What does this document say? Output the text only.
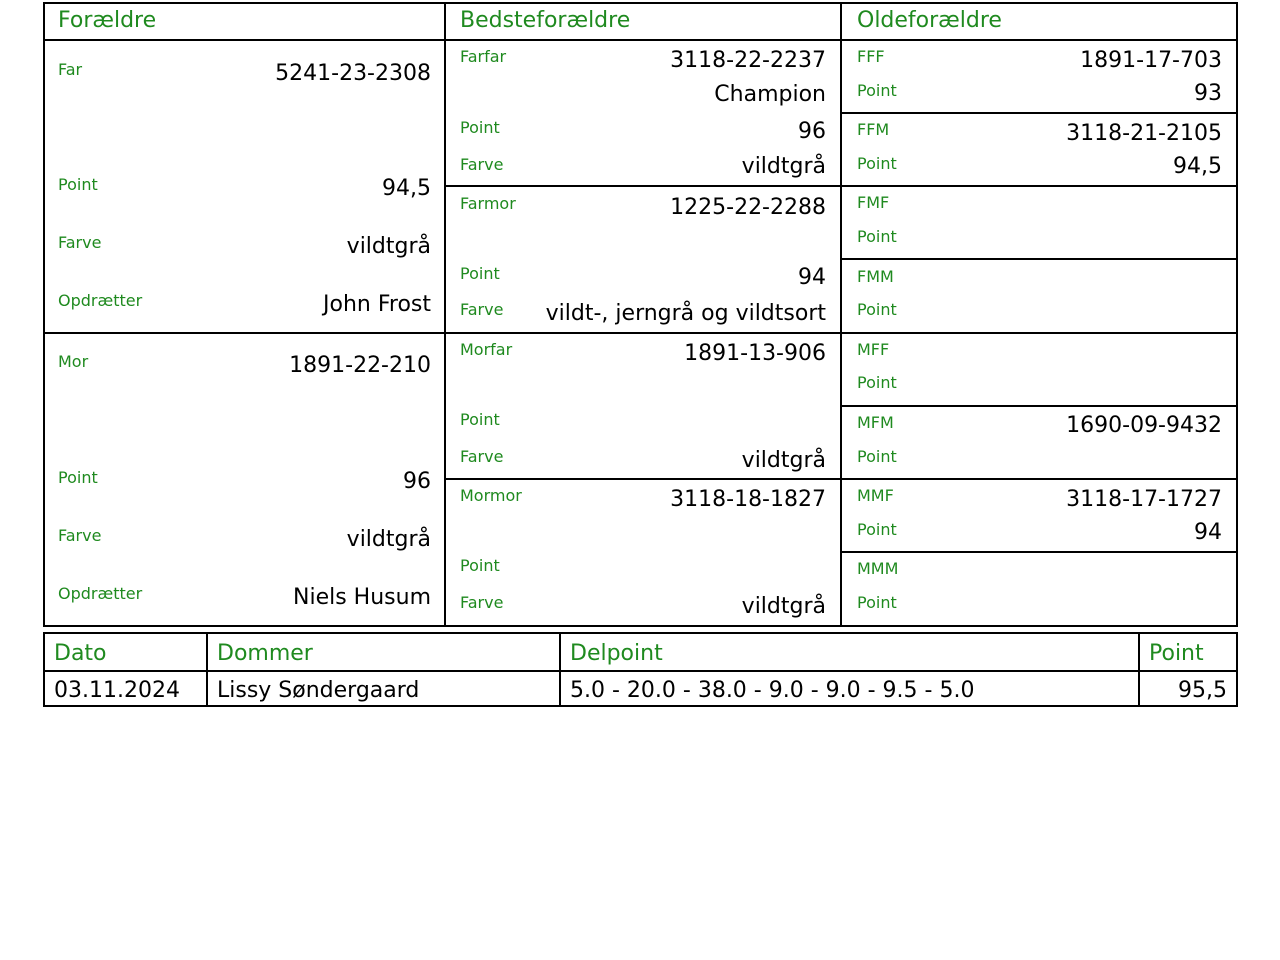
Forældre	Bedsteforældre	Oldeforældre
Far	5241-23-2308
Point	94,5
Farve	vildtgrå
Opdrætter	John Frost
Mor	1891-22-210
Point	96
Farve	vildtgrå
Opdrætter	Niels Husum
Farfar	3118-22-2237
Champion
Point	96
Farve	vildtgrå
Farmor	1225-22-2288
Point	94
Farve vildt-, jerngrå og vildtsort
Morfar	1891-13-906
Point
Farve	vildtgrå
Mormor	3118-18-1827
Point
Farve	vildtgrå
FFF	1891-17-703
Point	93
FFM	3118-21-2105
Point	94,5
FMF
Point
FMM
Point
MFF
Point
MFM	1690-09-9432
Point
MMF	3118-17-1727
Point	94
MMM
Point
Dato	Dommer	Delpoint	Point
03.11.2024 Lissy Søndergaard	5.0 - 20.0 - 38.0 - 9.0 - 9.0 - 9.5 - 5.0	95,5
